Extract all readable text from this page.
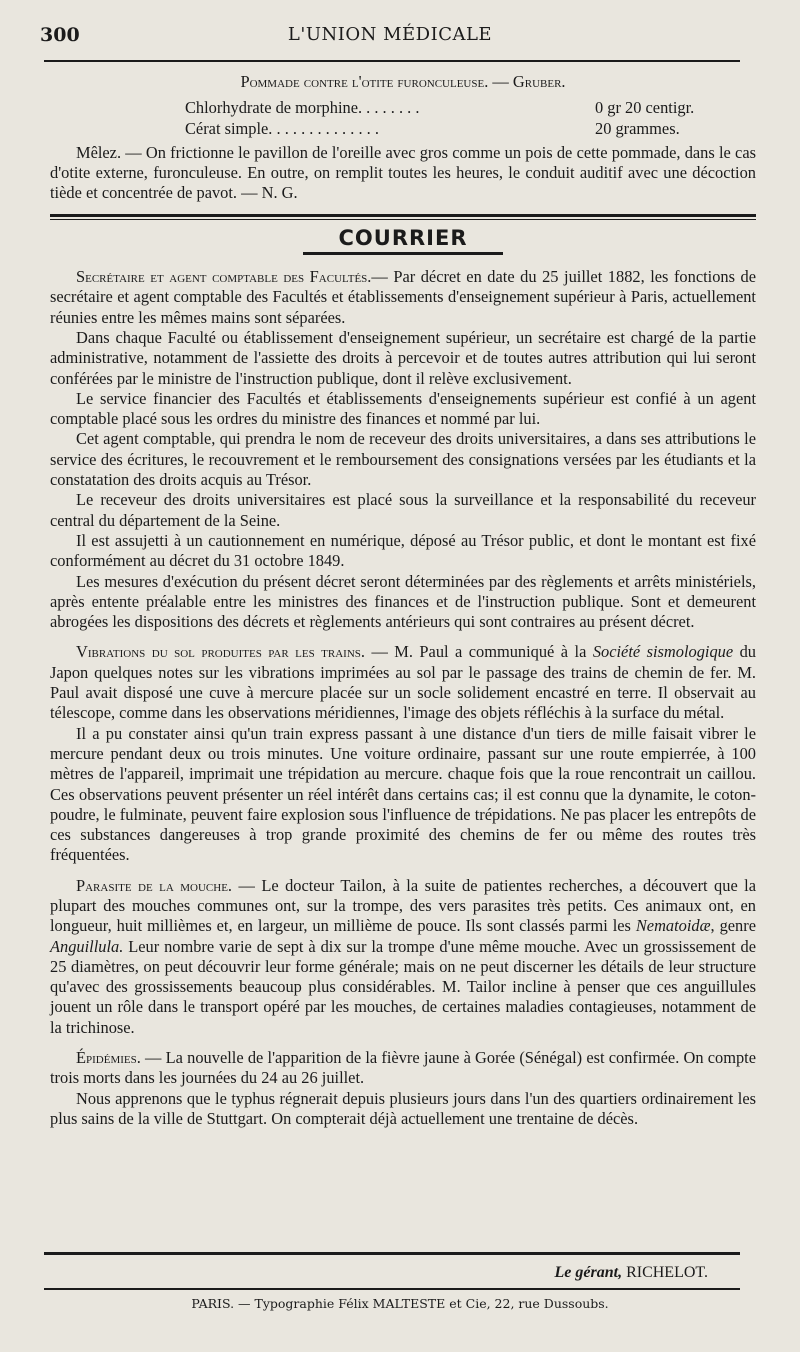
300	L'UNION MÉDICALE
Pommade contre l'otite furonculeuse. — Gruber.
Chlorhydrate de morphine. . . . . . . .	0 gr 20 centigr.
Cérat simple. . . . . . . . . . . . . .	20 grammes.

Mêlez. — On frictionne le pavillon de l'oreille avec gros comme un pois de cette pommade, dans le cas d'otite externe, furonculeuse. En outre, on remplit toutes les heures, le conduit auditif avec une décoction tiède et concentrée de pavot. — N. G.

COURRIER

Secrétaire et agent comptable des Facultés.— Par décret en date du 25 juillet 1882, les fonctions de secrétaire et agent comptable des Facultés et établissements d'enseignement supérieur à Paris, actuellement réunies entre les mêmes mains sont séparées.

Dans chaque Faculté ou établissement d'enseignement supérieur, un secrétaire est chargé de la partie administrative, notamment de l'assiette des droits à percevoir et de toutes autres attribution qui lui seront conférées par le ministre de l'instruction publique, dont il relève exclusivement.

Le service financier des Facultés et établissements d'enseignements supérieur est confié à un agent comptable placé sous les ordres du ministre des finances et nommé par lui.

Cet agent comptable, qui prendra le nom de receveur des droits universitaires, a dans ses attributions le service des écritures, le recouvrement et le remboursement des consignations versées par les étudiants et la constatation des droits acquis au Trésor.

Le receveur des droits universitaires est placé sous la surveillance et la responsabilité du receveur central du département de la Seine.

Il est assujetti à un cautionnement en numérique, déposé au Trésor public, et dont le montant est fixé conformément au décret du 31 octobre 1849.

Les mesures d'exécution du présent décret seront déterminées par des règlements et arrêts ministériels, après entente préalable entre les ministres des finances et de l'instruction publique. Sont et demeurent abrogées les dispositions des décrets et règlements antérieurs qui sont contraires au présent décret.

Vibrations du sol produites par les trains. — M. Paul a communiqué à la Société sismologique du Japon quelques notes sur les vibrations imprimées au sol par le passage des trains de chemin de fer. M. Paul avait disposé une cuve à mercure placée sur un socle solidement encastré en terre. Il observait au télescope, comme dans les observations méridiennes, l'image des objets réfléchis à la surface du métal.

Il a pu constater ainsi qu'un train express passant à une distance d'un tiers de mille faisait vibrer le mercure pendant deux ou trois minutes. Une voiture ordinaire, passant sur une route empierrée, à 100 mètres de l'appareil, imprimait une trépidation au mercure. chaque fois que la roue rencontrait un caillou. Ces observations peuvent présenter un réel intérêt dans certains cas; il est connu que la dynamite, le coton-poudre, le fulminate, peuvent faire explosion sous l'influence de trépidations. Ne pas placer les entrepôts de ces substances dangereuses à trop grande proximité des chemins de fer ou même des routes très fréquentées.

Parasite de la mouche. — Le docteur Tailon, à la suite de patientes recherches, a découvert que la plupart des mouches communes ont, sur la trompe, des vers parasites très petits. Ces animaux ont, en longueur, huit millièmes et, en largeur, un millième de pouce. Ils sont classés parmi les Nematoidæ, genre Anguillula. Leur nombre varie de sept à dix sur la trompe d'une même mouche. Avec un grossissement de 25 diamètres, on peut découvrir leur forme générale; mais on ne peut discerner les détails de leur structure qu'avec des grossissements beaucoup plus considérables. M. Tailor incline à penser que ces anguillules jouent un rôle dans le transport opéré par les mouches, de certaines maladies contagieuses, notamment de la trichinose.

Épidémies. — La nouvelle de l'apparition de la fièvre jaune à Gorée (Sénégal) est confirmée. On compte trois morts dans les journées du 24 au 26 juillet.

Nous apprenons que le typhus régnerait depuis plusieurs jours dans l'un des quartiers ordinairement les plus sains de la ville de Stuttgart. On compterait déjà actuellement une trentaine de décès.

Le gérant, RICHELOT.
PARIS. — Typographie Félix MALTESTE et Cie, 22, rue Dussoubs.
